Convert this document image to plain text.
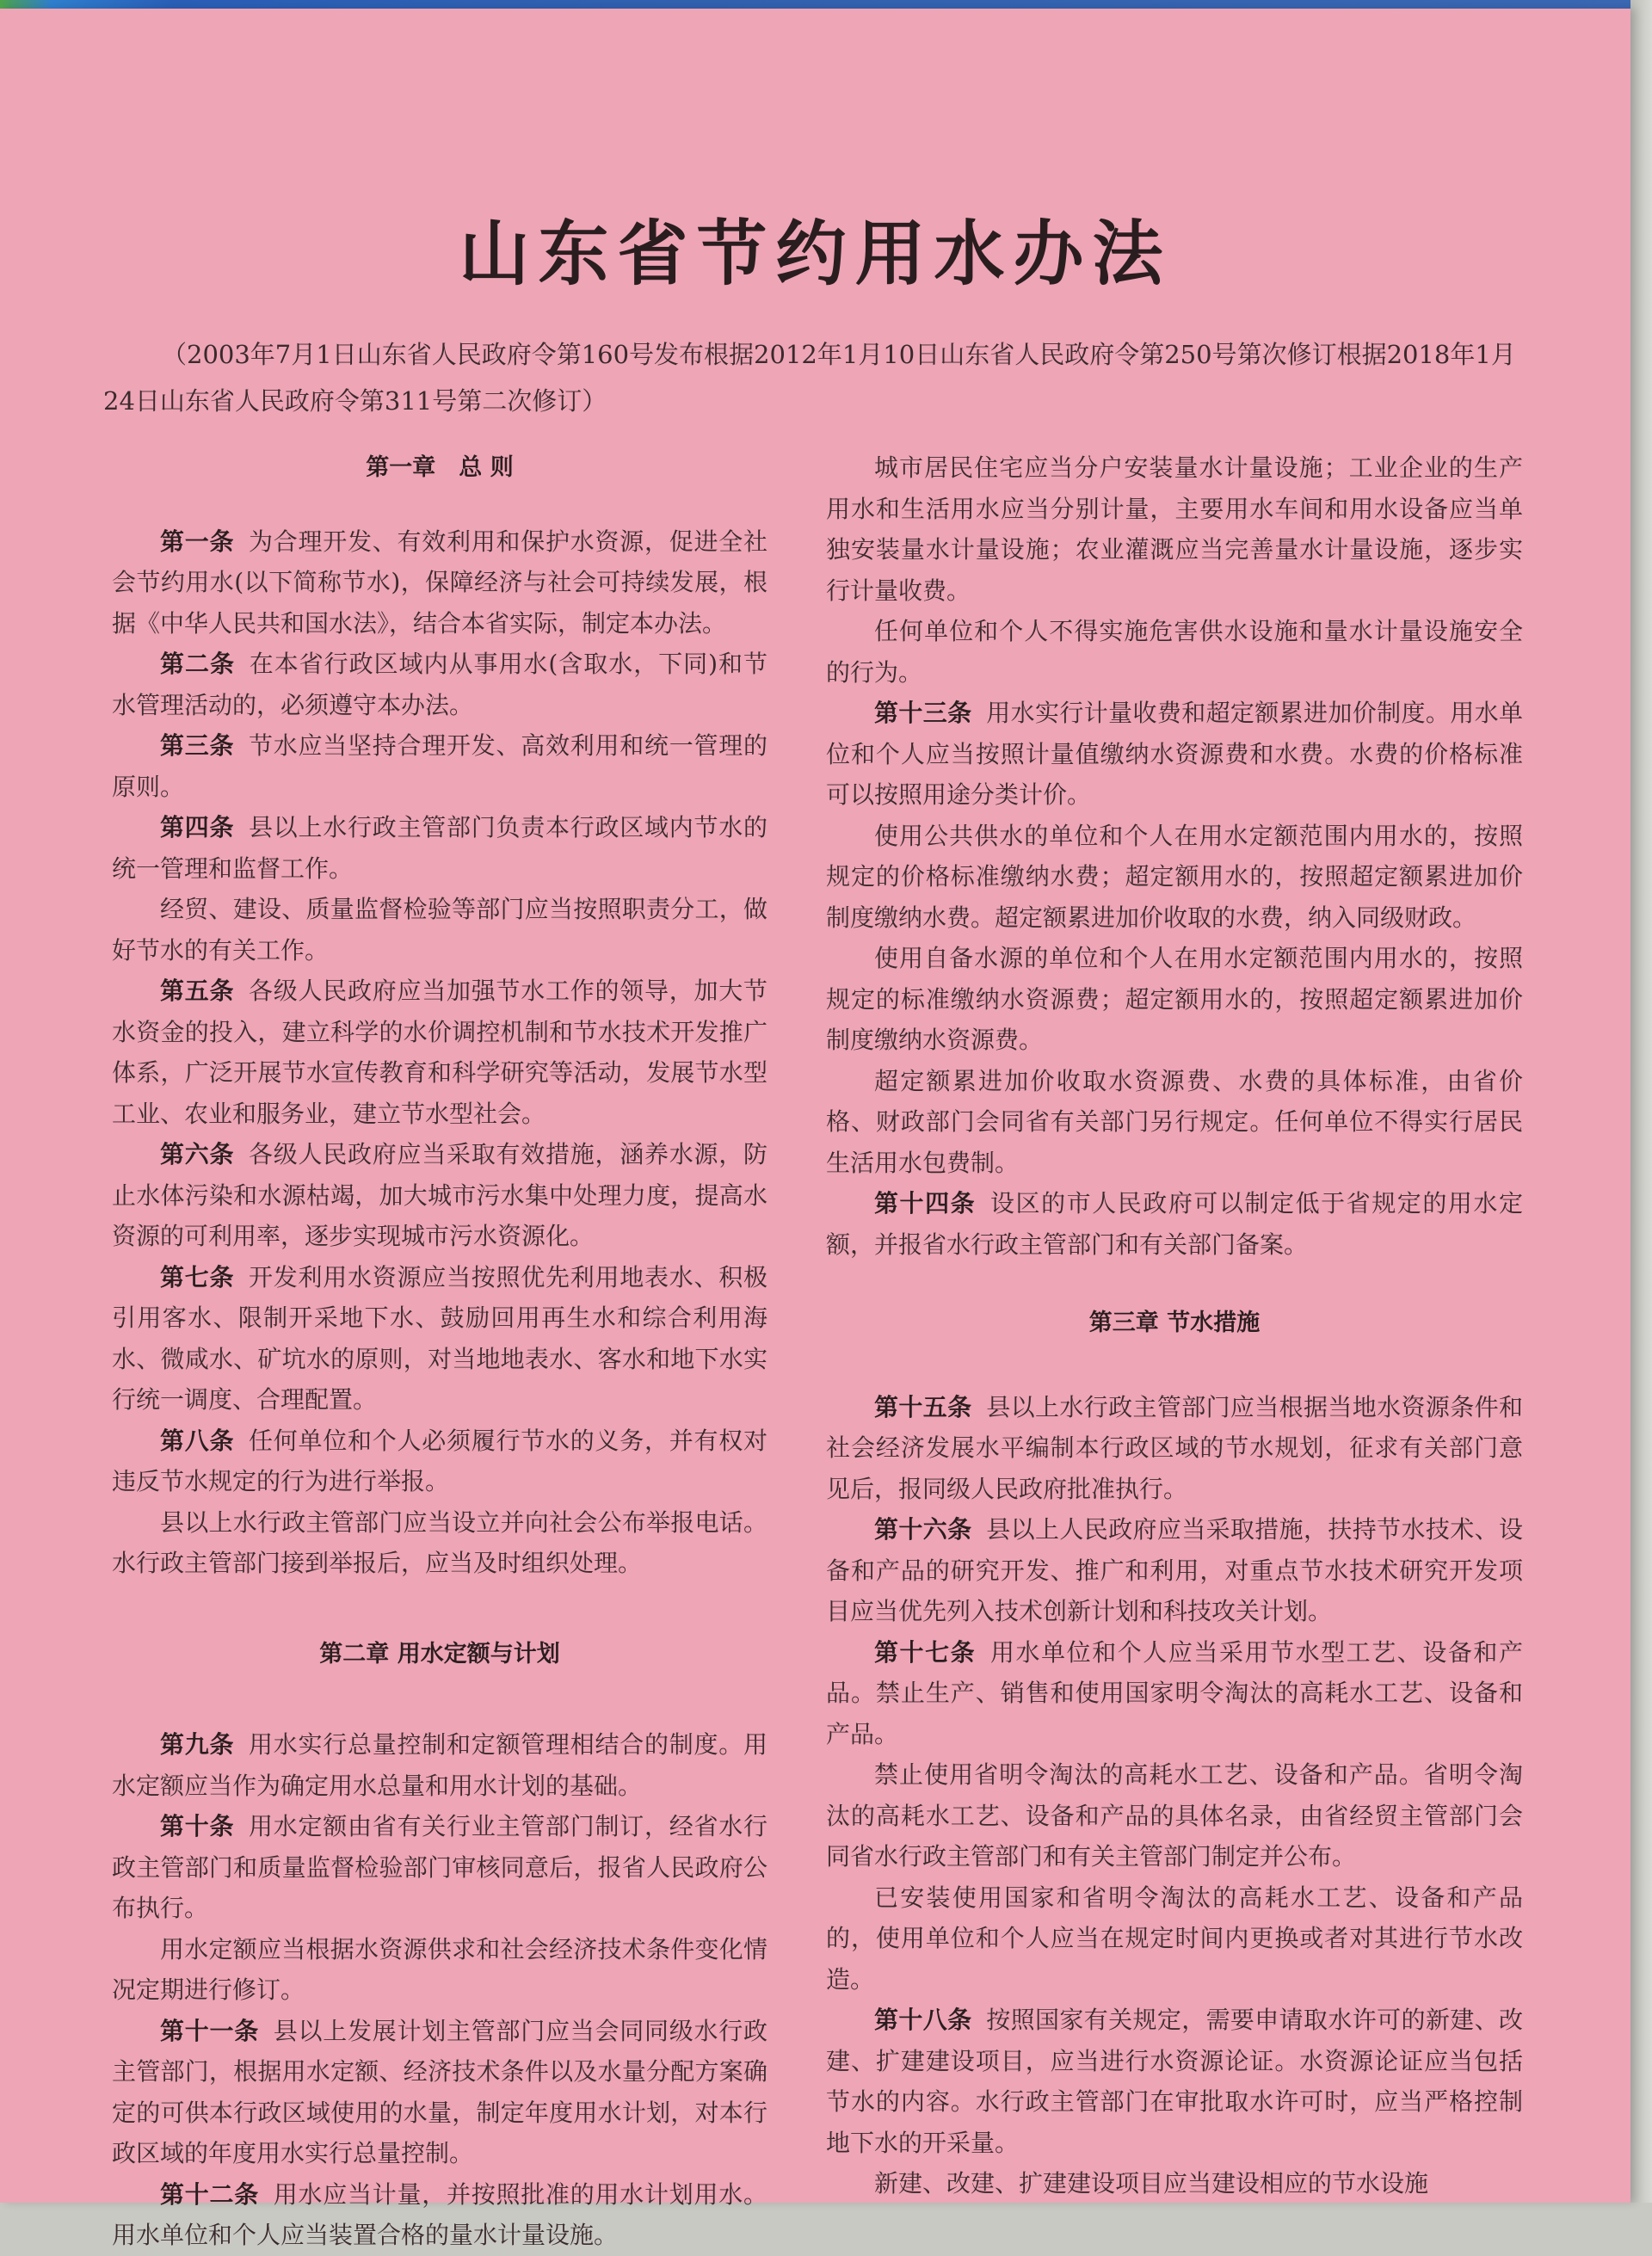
山东省节约用水办法
（2003年7月1日山东省人民政府令第160号发布根据2012年1月10日山东省人民政府令第250号第次修订根据2018年1月24日山东省人民政府令第311号第二次修订）

第一章　总 则

第一条 为合理开发、有效利用和保护水资源，促进全社会节约用水(以下简称节水)，保障经济与社会可持续发展，根据《中华人民共和国水法》，结合本省实际，制定本办法。

第二条 在本省行政区域内从事用水(含取水，下同)和节水管理活动的，必须遵守本办法。

第三条 节水应当坚持合理开发、高效利用和统一管理的原则。

第四条 县以上水行政主管部门负责本行政区域内节水的统一管理和监督工作。

经贸、建设、质量监督检验等部门应当按照职责分工，做好节水的有关工作。

第五条 各级人民政府应当加强节水工作的领导，加大节水资金的投入，建立科学的水价调控机制和节水技术开发推广体系，广泛开展节水宣传教育和科学研究等活动，发展节水型工业、农业和服务业，建立节水型社会。

第六条 各级人民政府应当采取有效措施，涵养水源，防止水体污染和水源枯竭，加大城市污水集中处理力度，提高水资源的可利用率，逐步实现城市污水资源化。

第七条 开发利用水资源应当按照优先利用地表水、积极引用客水、限制开采地下水、鼓励回用再生水和综合利用海水、微咸水、矿坑水的原则，对当地地表水、客水和地下水实行统一调度、合理配置。

第八条 任何单位和个人必须履行节水的义务，并有权对违反节水规定的行为进行举报。

县以上水行政主管部门应当设立并向社会公布举报电话。水行政主管部门接到举报后，应当及时组织处理。

第二章 用水定额与计划

第九条 用水实行总量控制和定额管理相结合的制度。用水定额应当作为确定用水总量和用水计划的基础。

第十条 用水定额由省有关行业主管部门制订，经省水行政主管部门和质量监督检验部门审核同意后，报省人民政府公布执行。

用水定额应当根据水资源供求和社会经济技术条件变化情况定期进行修订。

第十一条 县以上发展计划主管部门应当会同同级水行政主管部门，根据用水定额、经济技术条件以及水量分配方案确定的可供本行政区域使用的水量，制定年度用水计划，对本行政区域的年度用水实行总量控制。

第十二条 用水应当计量，并按照批准的用水计划用水。用水单位和个人应当装置合格的量水计量设施。

城市居民住宅应当分户安装量水计量设施；工业企业的生产用水和生活用水应当分别计量，主要用水车间和用水设备应当单独安装量水计量设施；农业灌溉应当完善量水计量设施，逐步实行计量收费。

任何单位和个人不得实施危害供水设施和量水计量设施安全的行为。

第十三条 用水实行计量收费和超定额累进加价制度。用水单位和个人应当按照计量值缴纳水资源费和水费。水费的价格标准可以按照用途分类计价。

使用公共供水的单位和个人在用水定额范围内用水的，按照规定的价格标准缴纳水费；超定额用水的，按照超定额累进加价制度缴纳水费。超定额累进加价收取的水费，纳入同级财政。

使用自备水源的单位和个人在用水定额范围内用水的，按照规定的标准缴纳水资源费；超定额用水的，按照超定额累进加价制度缴纳水资源费。

超定额累进加价收取水资源费、水费的具体标准，由省价格、财政部门会同省有关部门另行规定。任何单位不得实行居民生活用水包费制。

第十四条 设区的市人民政府可以制定低于省规定的用水定额，并报省水行政主管部门和有关部门备案。

第三章 节水措施

第十五条 县以上水行政主管部门应当根据当地水资源条件和社会经济发展水平编制本行政区域的节水规划，征求有关部门意见后，报同级人民政府批准执行。

第十六条 县以上人民政府应当采取措施，扶持节水技术、设备和产品的研究开发、推广和利用，对重点节水技术研究开发项目应当优先列入技术创新计划和科技攻关计划。

第十七条 用水单位和个人应当采用节水型工艺、设备和产品。禁止生产、销售和使用国家明令淘汰的高耗水工艺、设备和产品。

禁止使用省明令淘汰的高耗水工艺、设备和产品。省明令淘汰的高耗水工艺、设备和产品的具体名录，由省经贸主管部门会同省水行政主管部门和有关主管部门制定并公布。

已安装使用国家和省明令淘汰的高耗水工艺、设备和产品的，使用单位和个人应当在规定时间内更换或者对其进行节水改造。

第十八条 按照国家有关规定，需要申请取水许可的新建、改建、扩建建设项目，应当进行水资源论证。水资源论证应当包括节水的内容。水行政主管部门在审批取水许可时，应当严格控制地下水的开采量。

新建、改建、扩建建设项目应当建设相应的节水设施
